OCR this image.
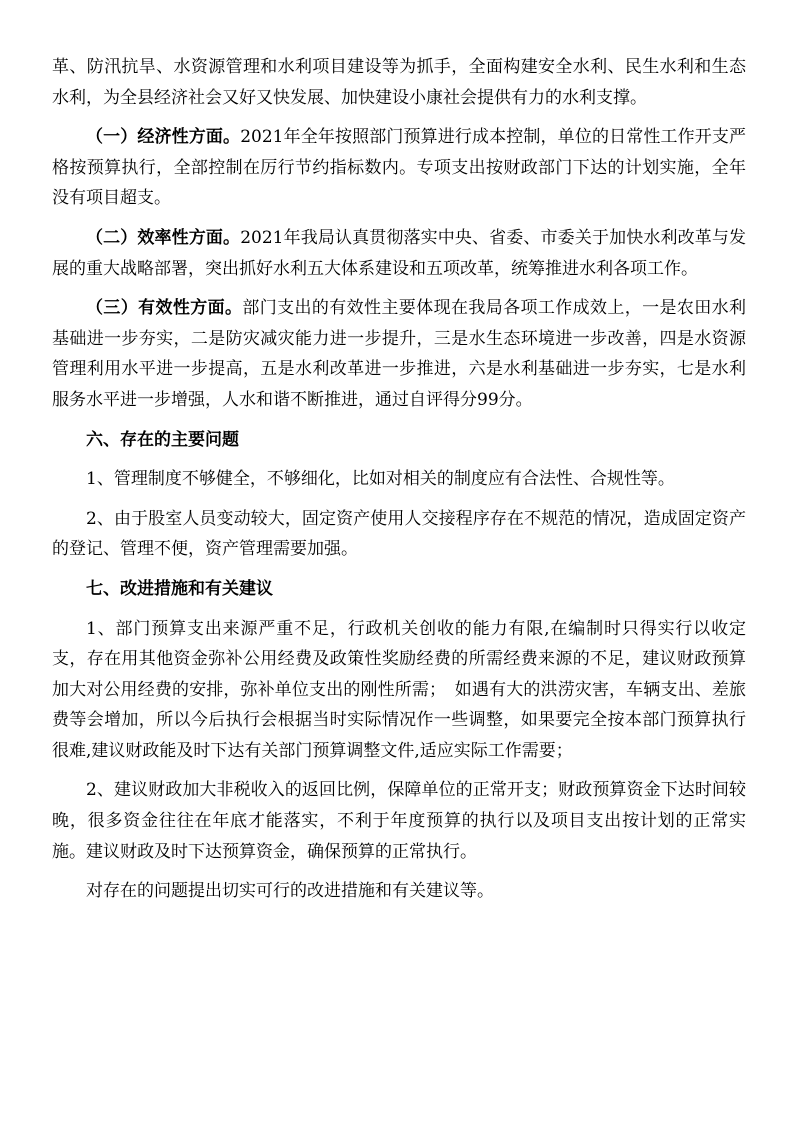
革、防汛抗旱、水资源管理和水利项目建设等为抓手，全面构建安全水利、民生水利和生态水利，为全县经济社会又好又快发展、加快建设小康社会提供有力的水利支撑。

（一）经济性方面。2021年全年按照部门预算进行成本控制，单位的日常性工作开支严格按预算执行，全部控制在厉行节约指标数内。专项支出按财政部门下达的计划实施，全年没有项目超支。

（二）效率性方面。2021年我局认真贯彻落实中央、省委、市委关于加快水利改革与发展的重大战略部署，突出抓好水利五大体系建设和五项改革，统筹推进水利各项工作。

（三）有效性方面。部门支出的有效性主要体现在我局各项工作成效上，一是农田水利基础进一步夯实，二是防灾减灾能力进一步提升，三是水生态环境进一步改善，四是水资源管理利用水平进一步提高，五是水利改革进一步推进，六是水利基础进一步夯实，七是水利服务水平进一步增强，人水和谐不断推进，通过自评得分99分。

六、存在的主要问题

1、管理制度不够健全，不够细化，比如对相关的制度应有合法性、合规性等。

2、由于股室人员变动较大，固定资产使用人交接程序存在不规范的情况，造成固定资产的登记、管理不便，资产管理需要加强。

七、改进措施和有关建议

1、部门预算支出来源严重不足，行政机关创收的能力有限,在编制时只得实行以收定支，存在用其他资金弥补公用经费及政策性奖励经费的所需经费来源的不足，建议财政预算加大对公用经费的安排，弥补单位支出的刚性所需；　如遇有大的洪涝灾害，车辆支出、差旅费等会增加，所以今后执行会根据当时实际情况作一些调整，如果要完全按本部门预算执行很难,建议财政能及时下达有关部门预算调整文件,适应实际工作需要；

2、建议财政加大非税收入的返回比例，保障单位的正常开支；财政预算资金下达时间较晚，很多资金往往在年底才能落实，不利于年度预算的执行以及项目支出按计划的正常实施。建议财政及时下达预算资金，确保预算的正常执行。

对存在的问题提出切实可行的改进措施和有关建议等。
